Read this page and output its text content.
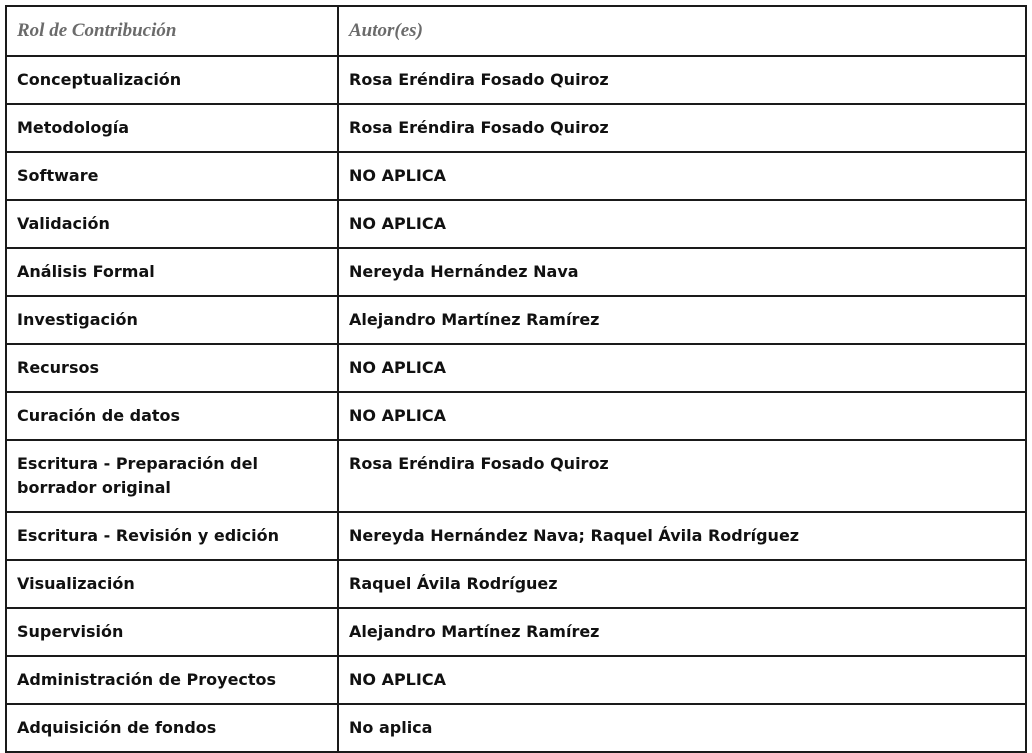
Rol de Contribución	Autor(es)
Conceptualización	Rosa Eréndira Fosado Quiroz
Metodología	Rosa Eréndira Fosado Quiroz
Software	NO APLICA
Validación	NO APLICA
Análisis Formal	Nereyda Hernández Nava
Investigación	Alejandro Martínez Ramírez
Recursos	NO APLICA
Curación de datos	NO APLICA
Escritura - Preparación del borrador original	Rosa Eréndira Fosado Quiroz
Escritura - Revisión y edición	Nereyda Hernández Nava; Raquel Ávila Rodríguez
Visualización	Raquel Ávila Rodríguez
Supervisión	Alejandro Martínez Ramírez
Administración de Proyectos	NO APLICA
Adquisición de fondos	No aplica
